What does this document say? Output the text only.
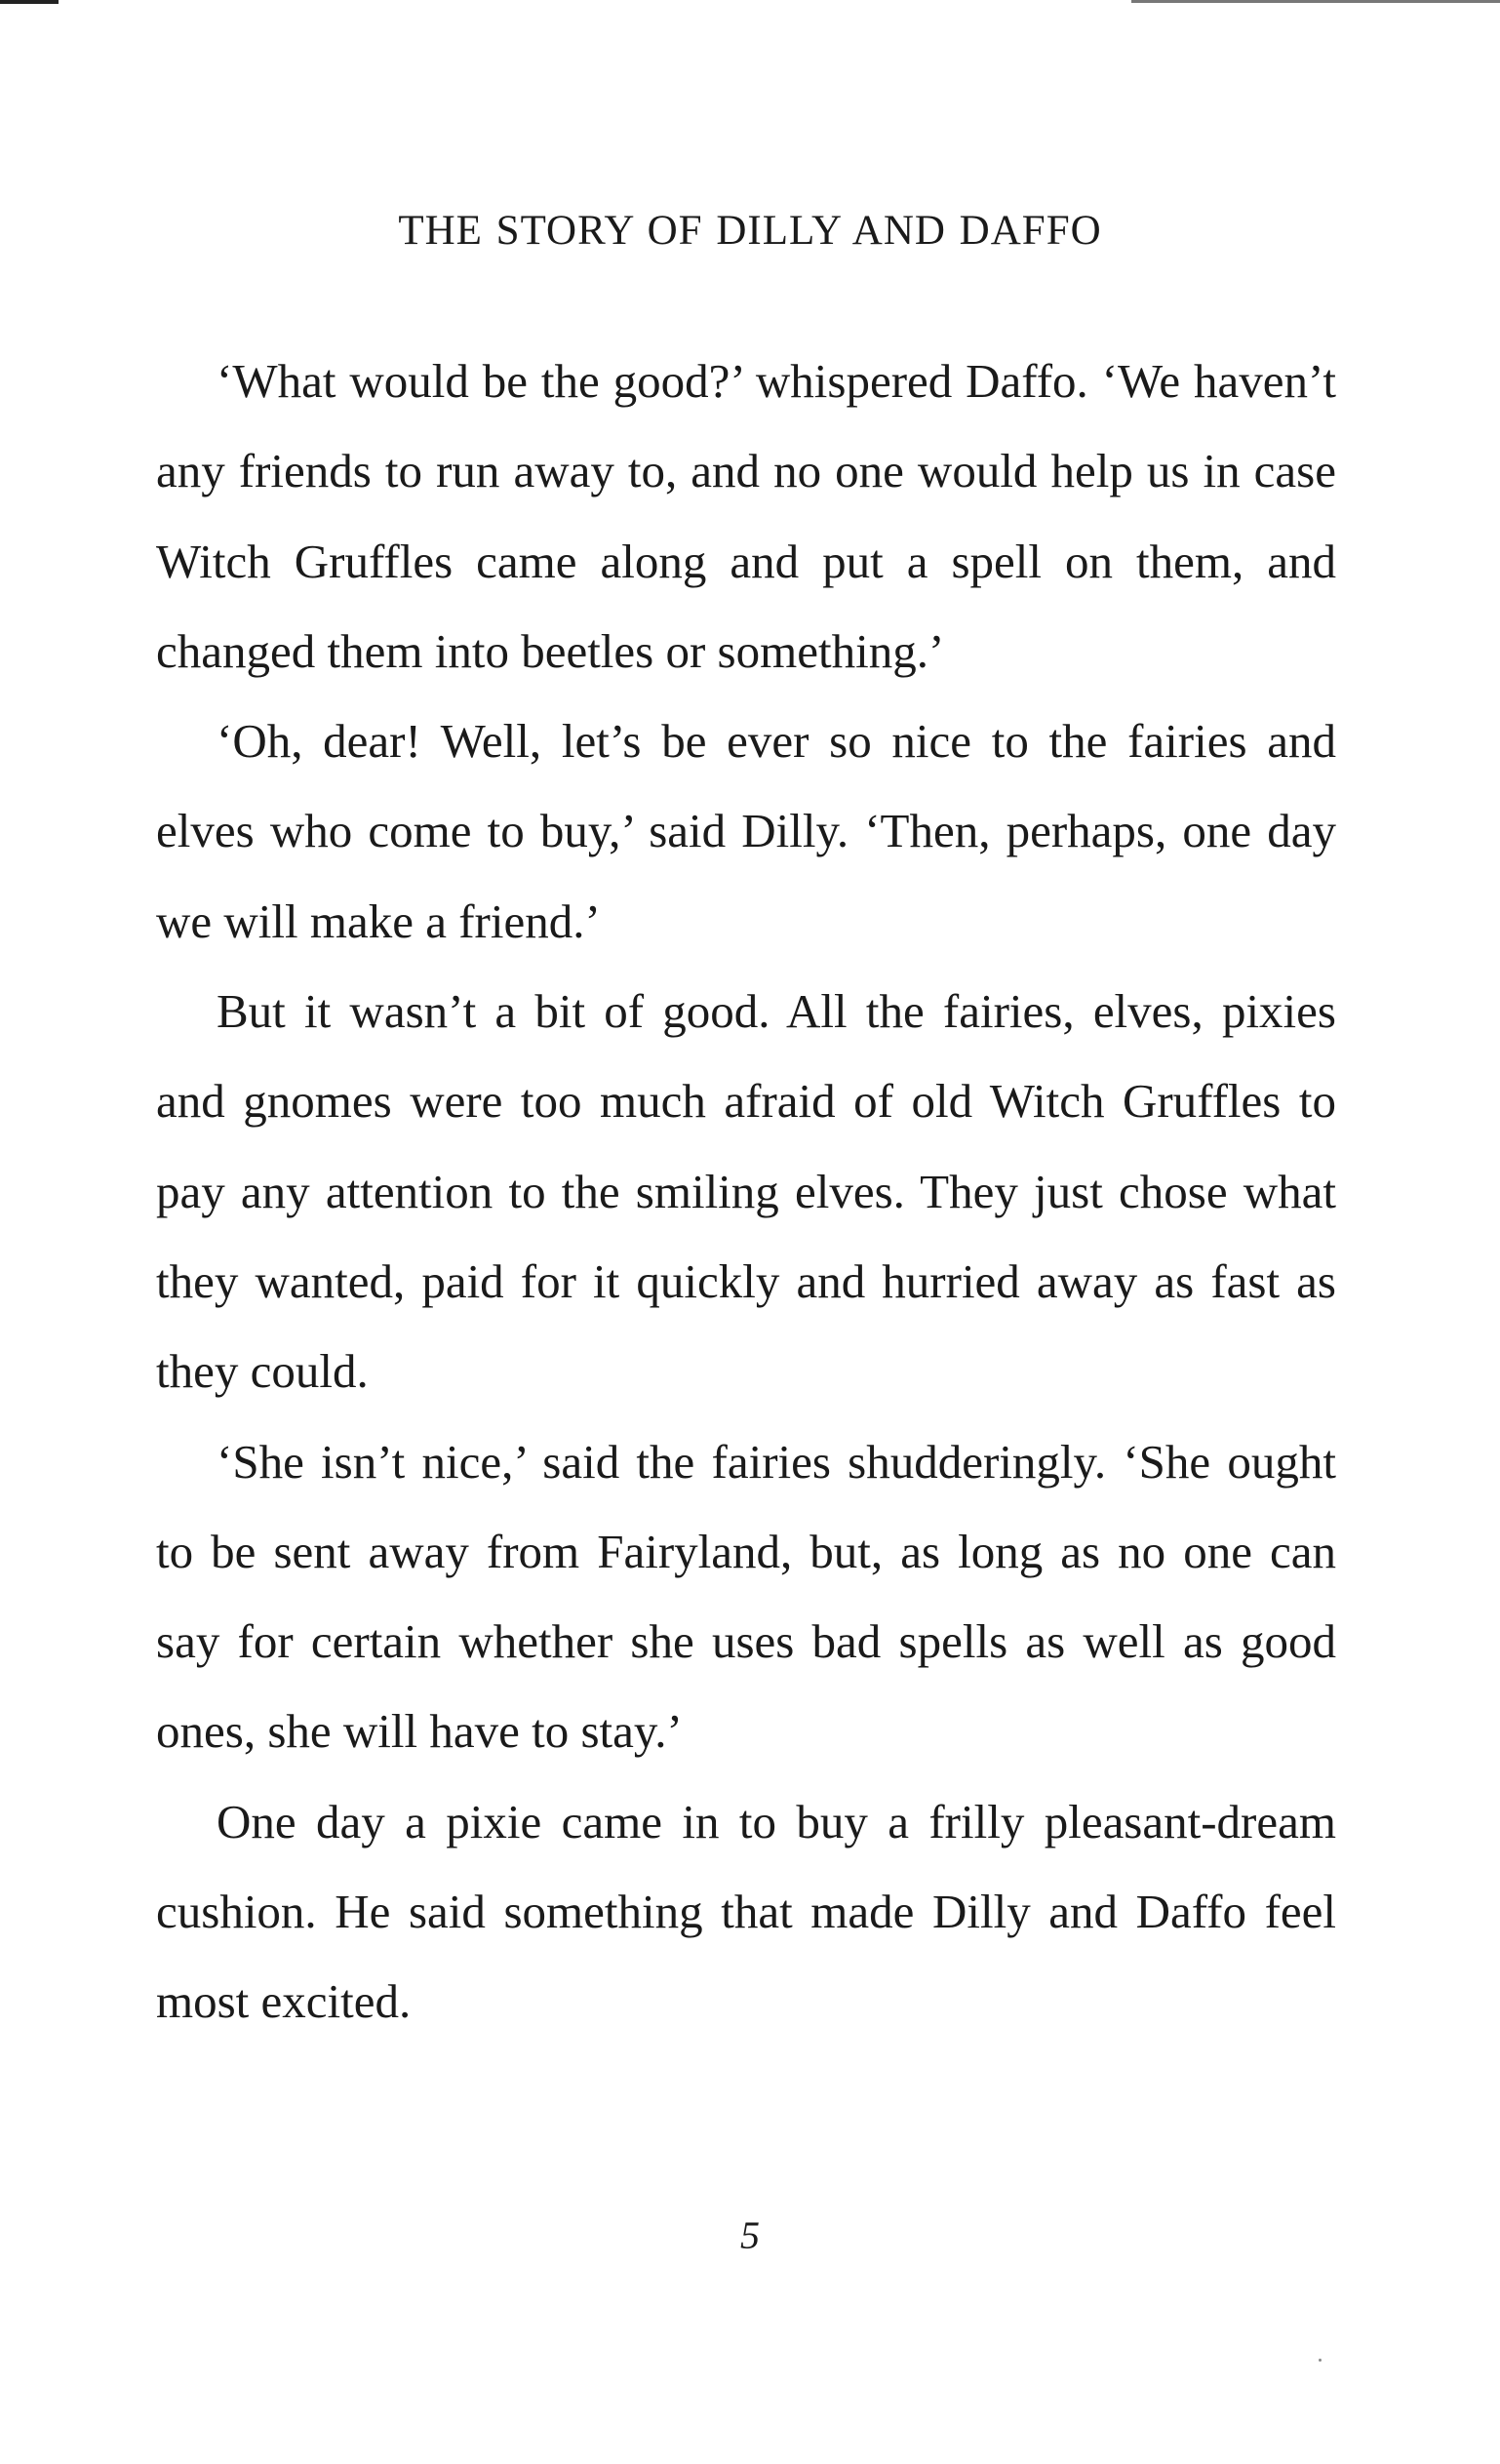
THE STORY OF DILLY AND DAFFO

‘What would be the good?’ whispered Daffo. ‘We haven’t any friends to run away to, and no one would help us in case Witch Gruffles came along and put a spell on them, and changed them into beetles or something.’

‘Oh, dear! Well, let’s be ever so nice to the fairies and elves who come to buy,’ said Dilly. ‘Then, perhaps, one day we will make a friend.’

But it wasn’t a bit of good. All the fairies, elves, pixies and gnomes were too much afraid of old Witch Gruffles to pay any attention to the smiling elves. They just chose what they wanted, paid for it quickly and hurried away as fast as they could.

‘She isn’t nice,’ said the fairies shudderingly. ‘She ought to be sent away from Fairyland, but, as long as no one can say for certain whether she uses bad spells as well as good ones, she will have to stay.’

One day a pixie came in to buy a frilly pleasant-dream cushion. He said something that made Dilly and Daffo feel most excited.

5
